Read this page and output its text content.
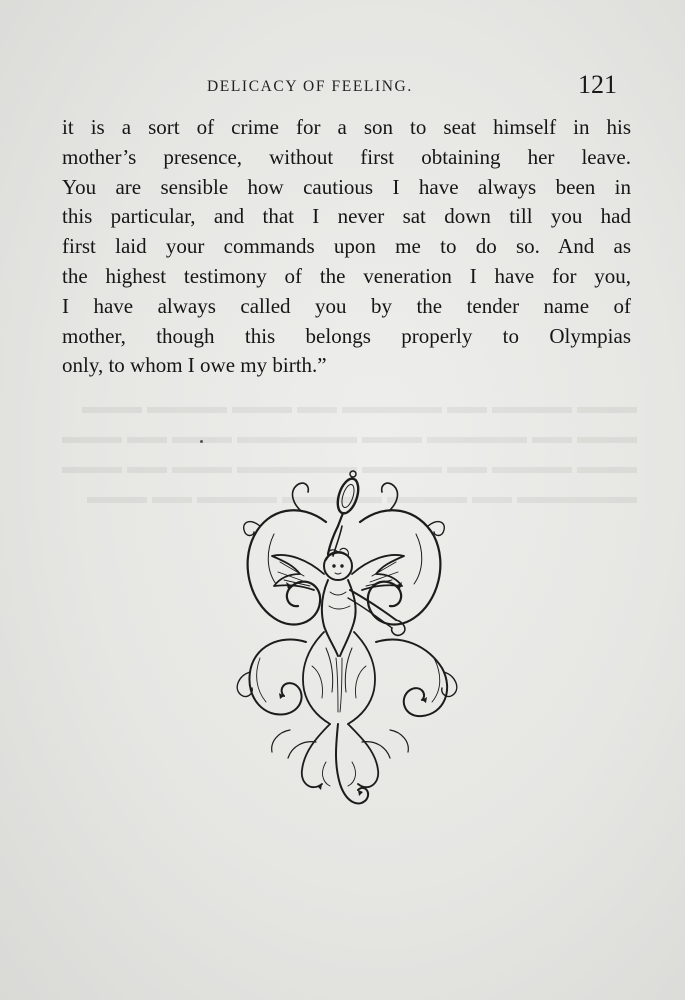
▬▬▬ ▬▬▬▬ ▬▬ ▬▬▬▬▬ ▬▬ ▬▬▬ ▬▬▬▬ ▬▬▬
▬▬▬ ▬▬ ▬▬▬▬▬ ▬▬▬ ▬▬▬▬▬▬ ▬▬▬ ▬▬ ▬▬▬
▬▬▬ ▬▬▬▬ ▬▬ ▬▬▬▬ ▬▬▬▬▬▬ ▬▬▬ ▬▬ ▬▬▬
▬▬▬▬▬▬ ▬▬ ▬▬▬▬ ▬▬▬▬▬ ▬▬▬▬ ▬▬ ▬▬▬
DELICACY OF FEELING.	121
it is a sort of crime for a son to seat himself in his
mother’s presence, without first obtaining her leave.
You are sensible how cautious I have always been in
this particular, and that I never sat down till you had
first laid your commands upon me to do so. And as
the highest testimony of the veneration I have for you,
I have always called you by the tender name of
mother, though this belongs properly to Olympias
only, to whom I owe my birth.”
